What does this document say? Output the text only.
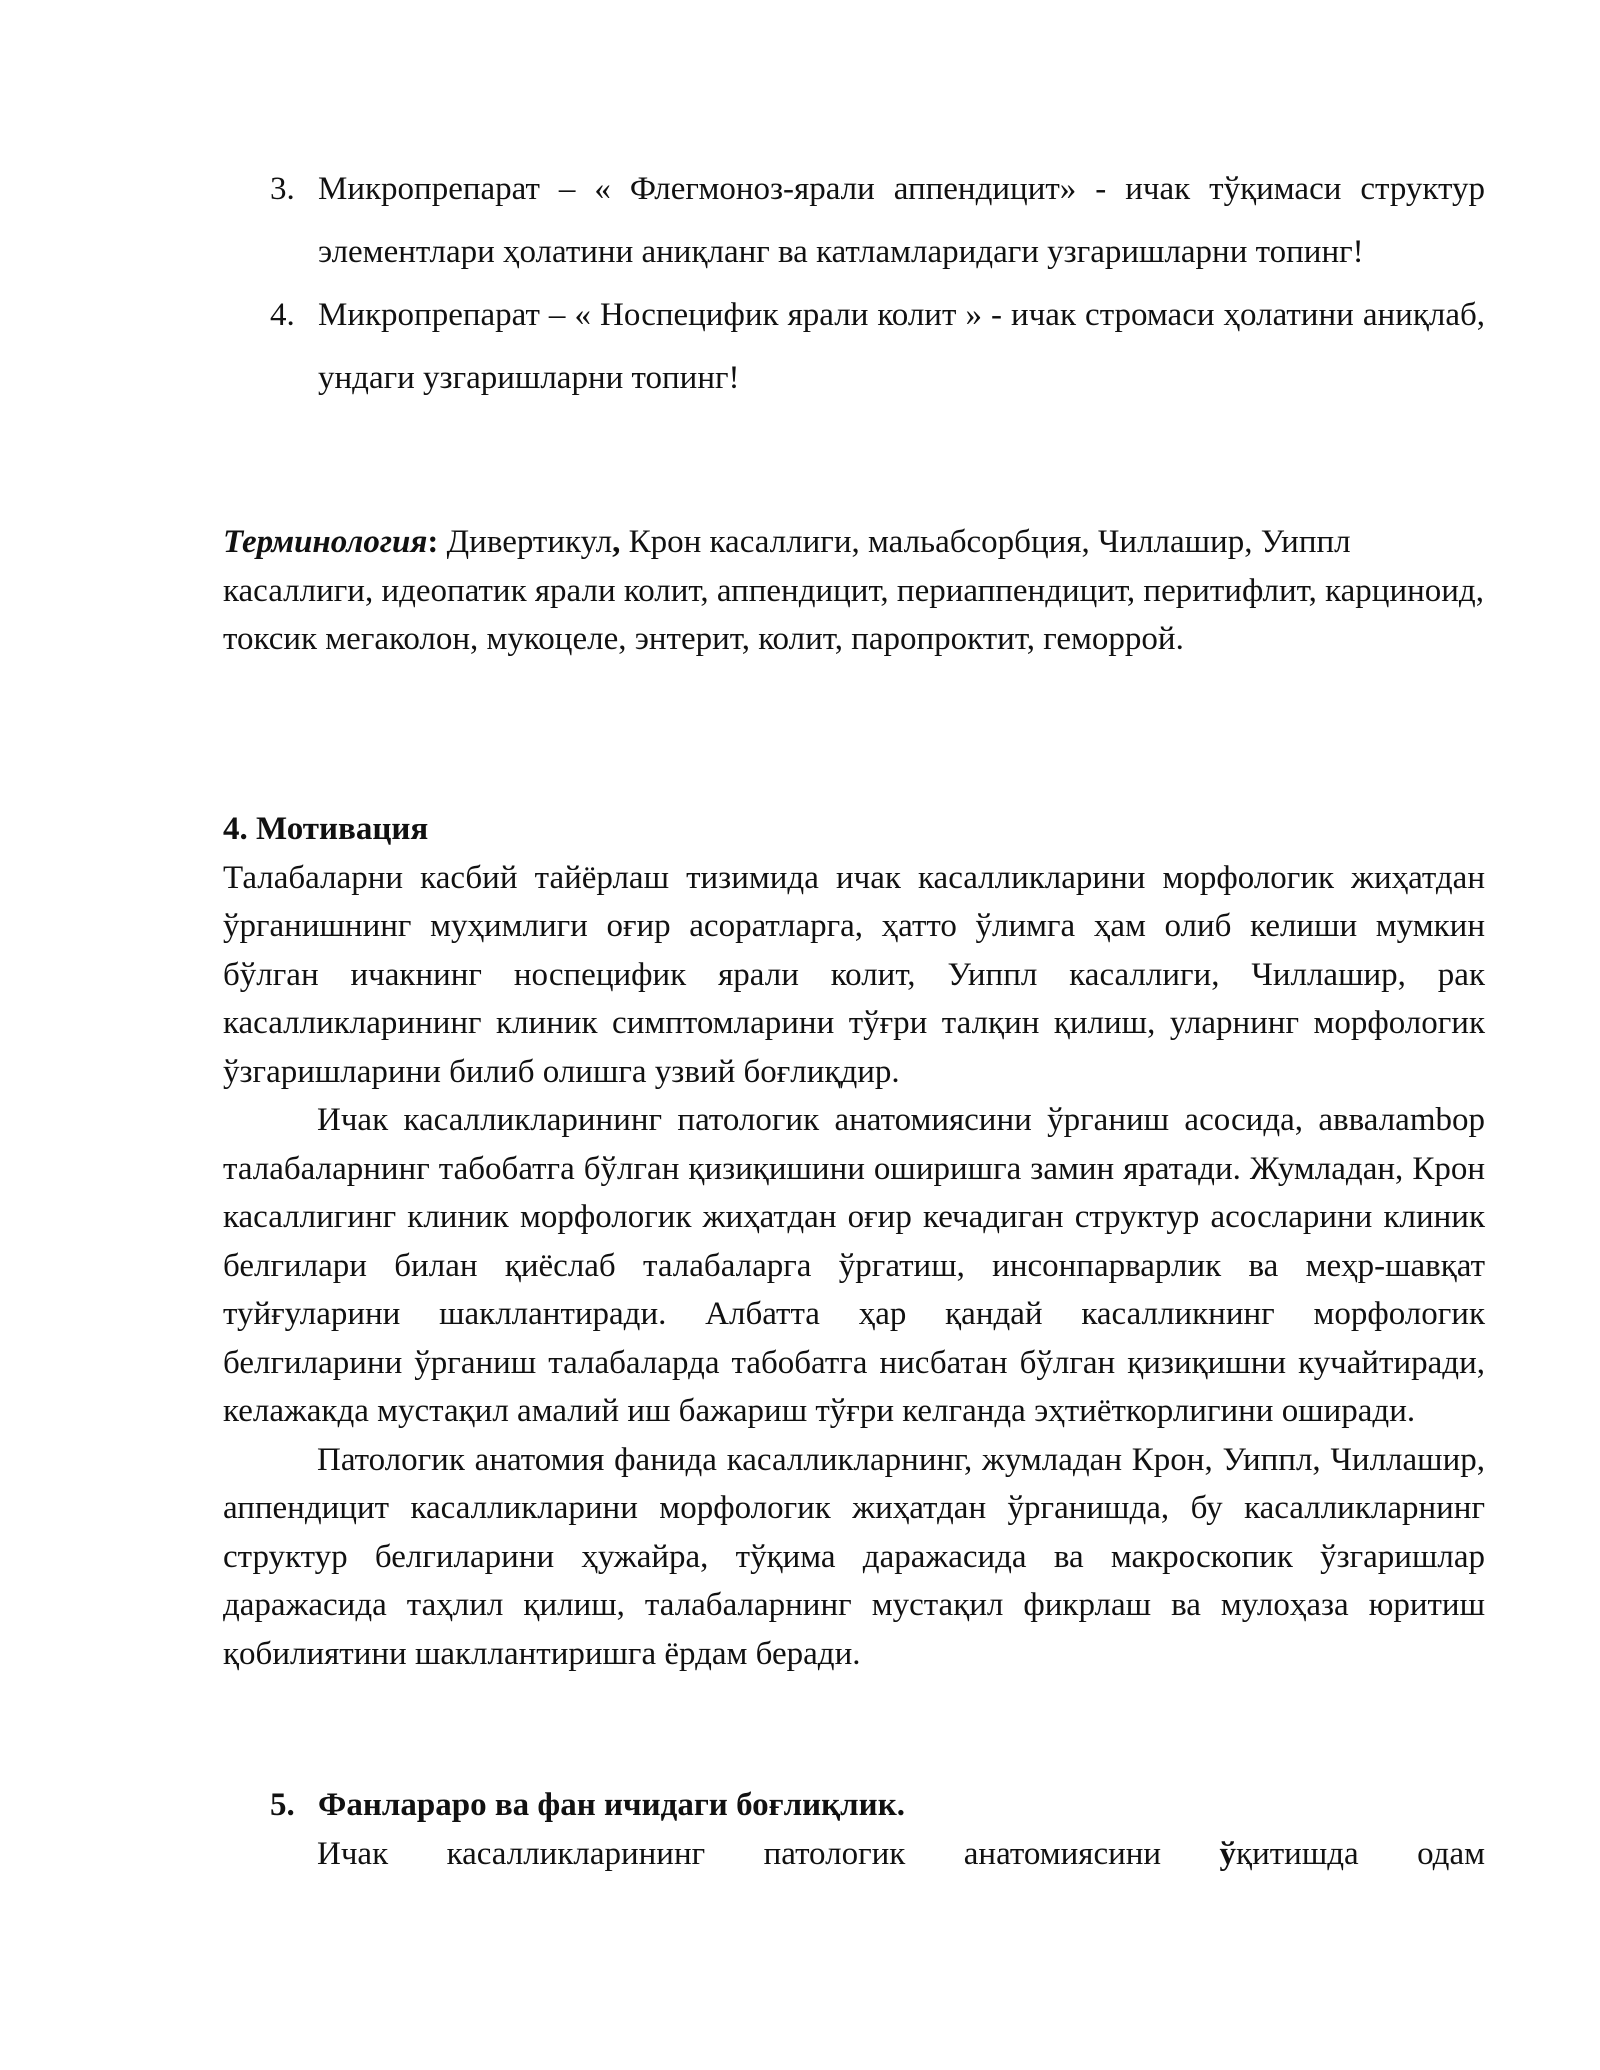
3. Микропрепарат – « Флегмоноз-ярали аппендицит» - ичак тўқимаси структур элементлари ҳолатини аниқланг ва катламларидаги узгаришларни топинг!
4. Микропрепарат – « Носпецифик ярали колит » - ичак стромаси ҳолатини аниқлаб, ундаги узгаришларни топинг!
Терминология: Дивертикул, Крон касаллиги, мальабсорбция, Чиллашир, Уиппл касаллиги, идеопатик ярали колит, аппендицит, периаппендицит, перитифлит, карциноид, токсик мегаколон, мукоцеле, энтерит, колит, паропроктит, геморрой.
4. Мотивация
Талабаларни касбий тайёрлаш тизимида ичак касалликларини морфологик жиҳатдан ўрганишнинг муҳимлиги оғир асоратларга, ҳатто ўлимга ҳам олиб келиши мумкин бўлган ичакнинг носпецифик ярали колит, Уиппл касаллиги, Чиллашир, рак касалликларининг клиник симптомларини тўғри талқин қилиш, уларнинг морфологик ўзгаришларини билиб олишга узвий боғлиқдир.
Ичак касалликларининг патологик анатомиясини ўрганиш асосида, аввалambор талабаларнинг табобатга бўлган қизиқишини оширишга замин яратади. Жумладан, Крон касаллигинг клиник морфологик жиҳатдан оғир кечадиган структур асосларини клиник белгилари билан қиёслаб талабаларга ўргатиш, инсонпарварлик ва меҳр-шавқат туйғуларини шакллантиради. Албатта ҳар қандай касалликнинг морфологик белгиларини ўрганиш талабаларда табобатга нисбатан бўлган қизиқишни кучайтиради, келажакда мустақил амалий иш бажариш тўғри келганда эҳтиёткорлигини оширади.
Патологик анатомия фанида касалликларнинг, жумладан Крон, Уиппл, Чиллашир, аппендицит касалликларини морфологик жиҳатдан ўрганишда, бу касалликларнинг структур белгиларини ҳужайра, тўқима даражасида ва макроскопик ўзгаришлар даражасида таҳлил қилиш, талабаларнинг мустақил фикрлаш ва мулоҳаза юритиш қобилиятини шакллантиришга ёрдам беради.
5. Фанлараро ва фан ичидаги боғлиқлик.
Ичак касалликларининг патологик анатомиясини ўқитишда одам
